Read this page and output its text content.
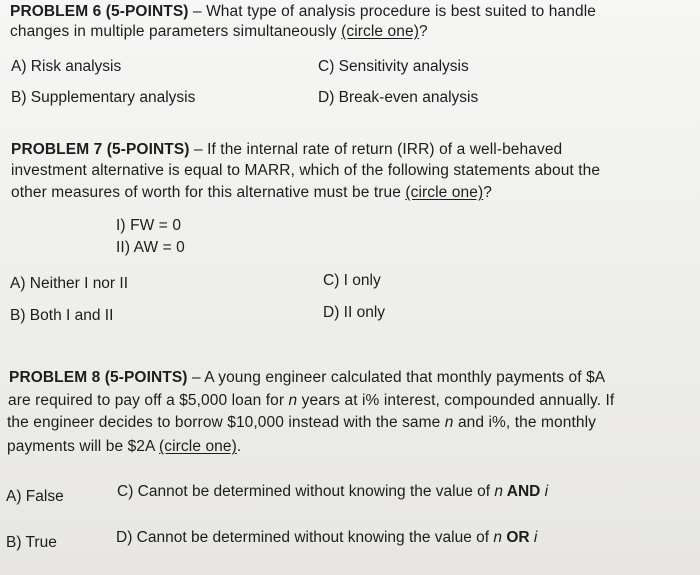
PROBLEM 6 (5-POINTS) – What type of analysis procedure is best suited to handle
changes in multiple parameters simultaneously (circle one)?
A) Risk analysis	C) Sensitivity analysis
B) Supplementary analysis	D) Break-even analysis
PROBLEM 7 (5-POINTS) – If the internal rate of return (IRR) of a well-behaved
investment alternative is equal to MARR, which of the following statements about the
other measures of worth for this alternative must be true (circle one)?
I) FW = 0
II) AW = 0
A) Neither I nor II	C) I only
B) Both I and II	D) II only
PROBLEM 8 (5-POINTS) – A young engineer calculated that monthly payments of $A
are required to pay off a $5,000 loan for n years at i% interest, compounded annually. If
the engineer decides to borrow $10,000 instead with the same n and i%, the monthly
payments will be $2A (circle one).
A) False	C) Cannot be determined without knowing the value of n AND i
B) True	D) Cannot be determined without knowing the value of n OR i
